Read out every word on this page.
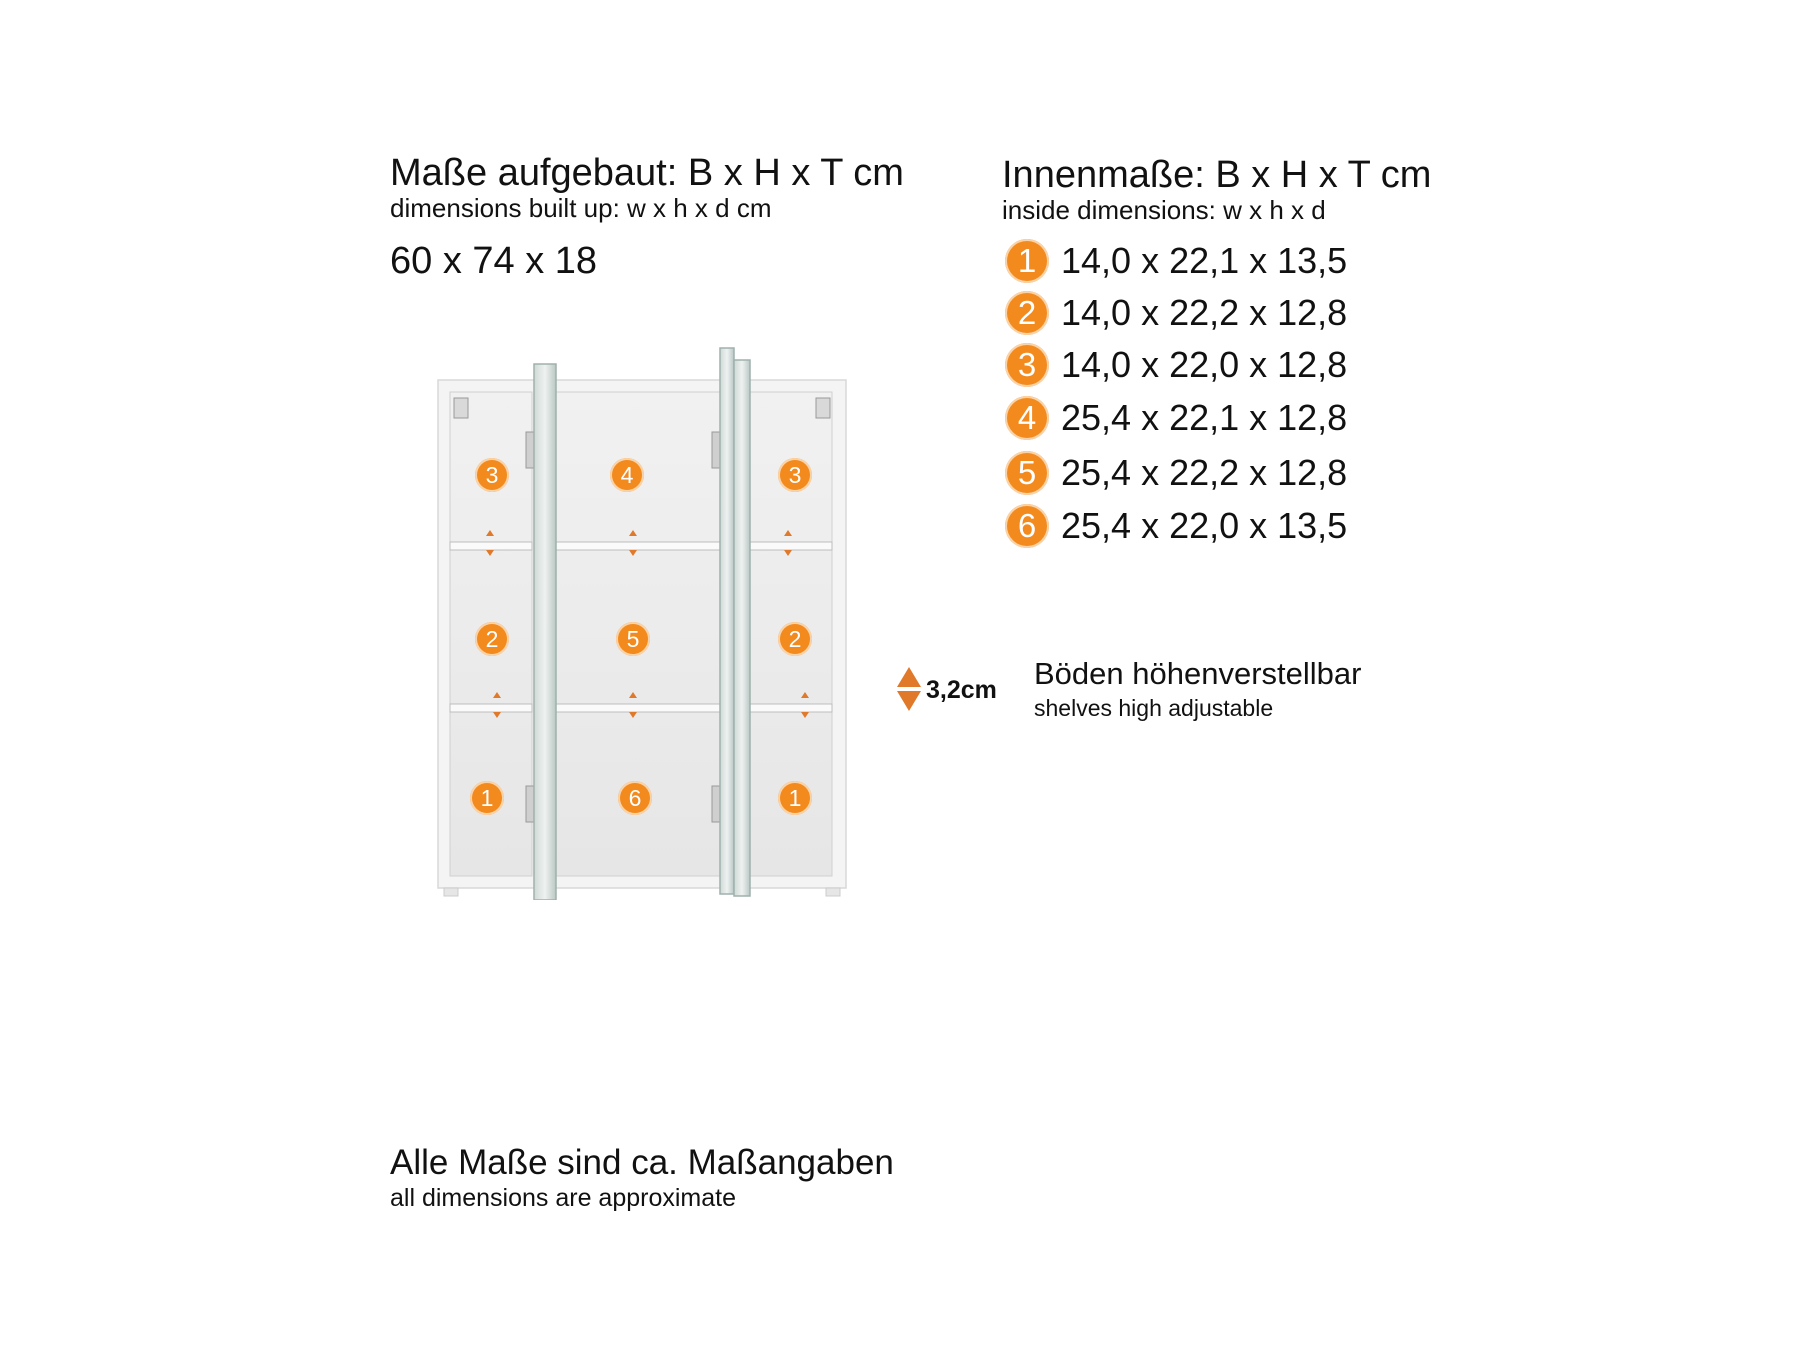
Maße aufgebaut: B x H x T cm
dimensions built up: w x h x d cm
60 x 74 x 18
Innenmaße: B x H x T cm
inside dimensions: w x h x d
1 14,0 x 22,1 x 13,5
2 14,0 x 22,2 x 12,8
3 14,0 x 22,0 x 12,8
4 25,4 x 22,1 x 12,8
5 25,4 x 22,2 x 12,8
6 25,4 x 22,0 x 13,5
3
2
1
4
5
6
3
2
1
3,2cm Böden höhenverstellbar
shelves high adjustable
Alle Maße sind ca. Maßangaben
all dimensions are approximate
